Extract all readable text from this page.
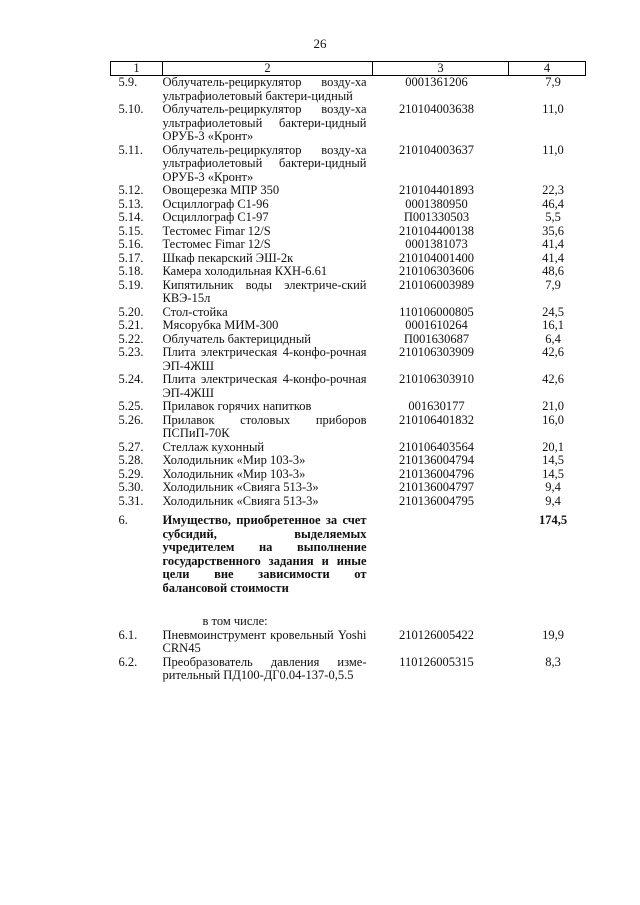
26
1	2	3	4
5.9.	Облучатель-рециркулятор возду-ха ультрафиолетовый бактери-цидный	0001361206	7,9
5.10.	Облучатель-рециркулятор возду-ха ультрафиолетовый бактери-цидный ОРУБ-3 «Кронт»	210104003638	11,0
5.11.	Облучатель-рециркулятор возду-ха ультрафиолетовый бактери-цидный ОРУБ-3 «Кронт»	210104003637	11,0
5.12.	Овощерезка МПР 350	210104401893	22,3
5.13.	Осциллограф С1-96	0001380950	46,4
5.14.	Осциллограф С1-97	П001330503	5,5
5.15.	Тестомес Fimar 12/S	210104400138	35,6
5.16.	Тестомес Fimar 12/S	0001381073	41,4
5.17.	Шкаф пекарский ЭШ-2к	210104001400	41,4
5.18.	Камера холодильная КХН-6.61	210106303606	48,6
5.19.	Кипятильник воды электриче-ский КВЭ-15л	210106003989	7,9
5.20.	Стол-стойка	110106000805	24,5
5.21.	Мясорубка МИМ-300	0001610264	16,1
5.22.	Облучатель бактерицидный	П001630687	6,4
5.23.	Плита электрическая 4-конфо-рочная ЭП-4ЖШ	210106303909	42,6
5.24.	Плита электрическая 4-конфо-рочная ЭП-4ЖШ	210106303910	42,6
5.25.	Прилавок горячих напитков	001630177	21,0
5.26.	Прилавок столовых приборов ПСПиП-70К	210106401832	16,0
5.27.	Стеллаж кухонный	210106403564	20,1
5.28.	Холодильник «Мир 103-3»	210136004794	14,5
5.29.	Холодильник «Мир 103-3»	210136004796	14,5
5.30.	Холодильник «Свияга 513-3»	210136004797	9,4
5.31.	Холодильник «Свияга 513-3»	210136004795	9,4

6.	Имущество, приобретенное за счет субсидий, выделяемых учредителем на выполнение государственного задания и иные цели вне зависимости от балансовой стоимости		174,5
	в том числе:		
6.1.	Пневмоинструмент кровельный Yoshi CRN45	210126005422	19,9
6.2.	Преобразователь давления изме-рительный ПД100-ДГ0.04-137-0,5.5	110126005315	8,3
